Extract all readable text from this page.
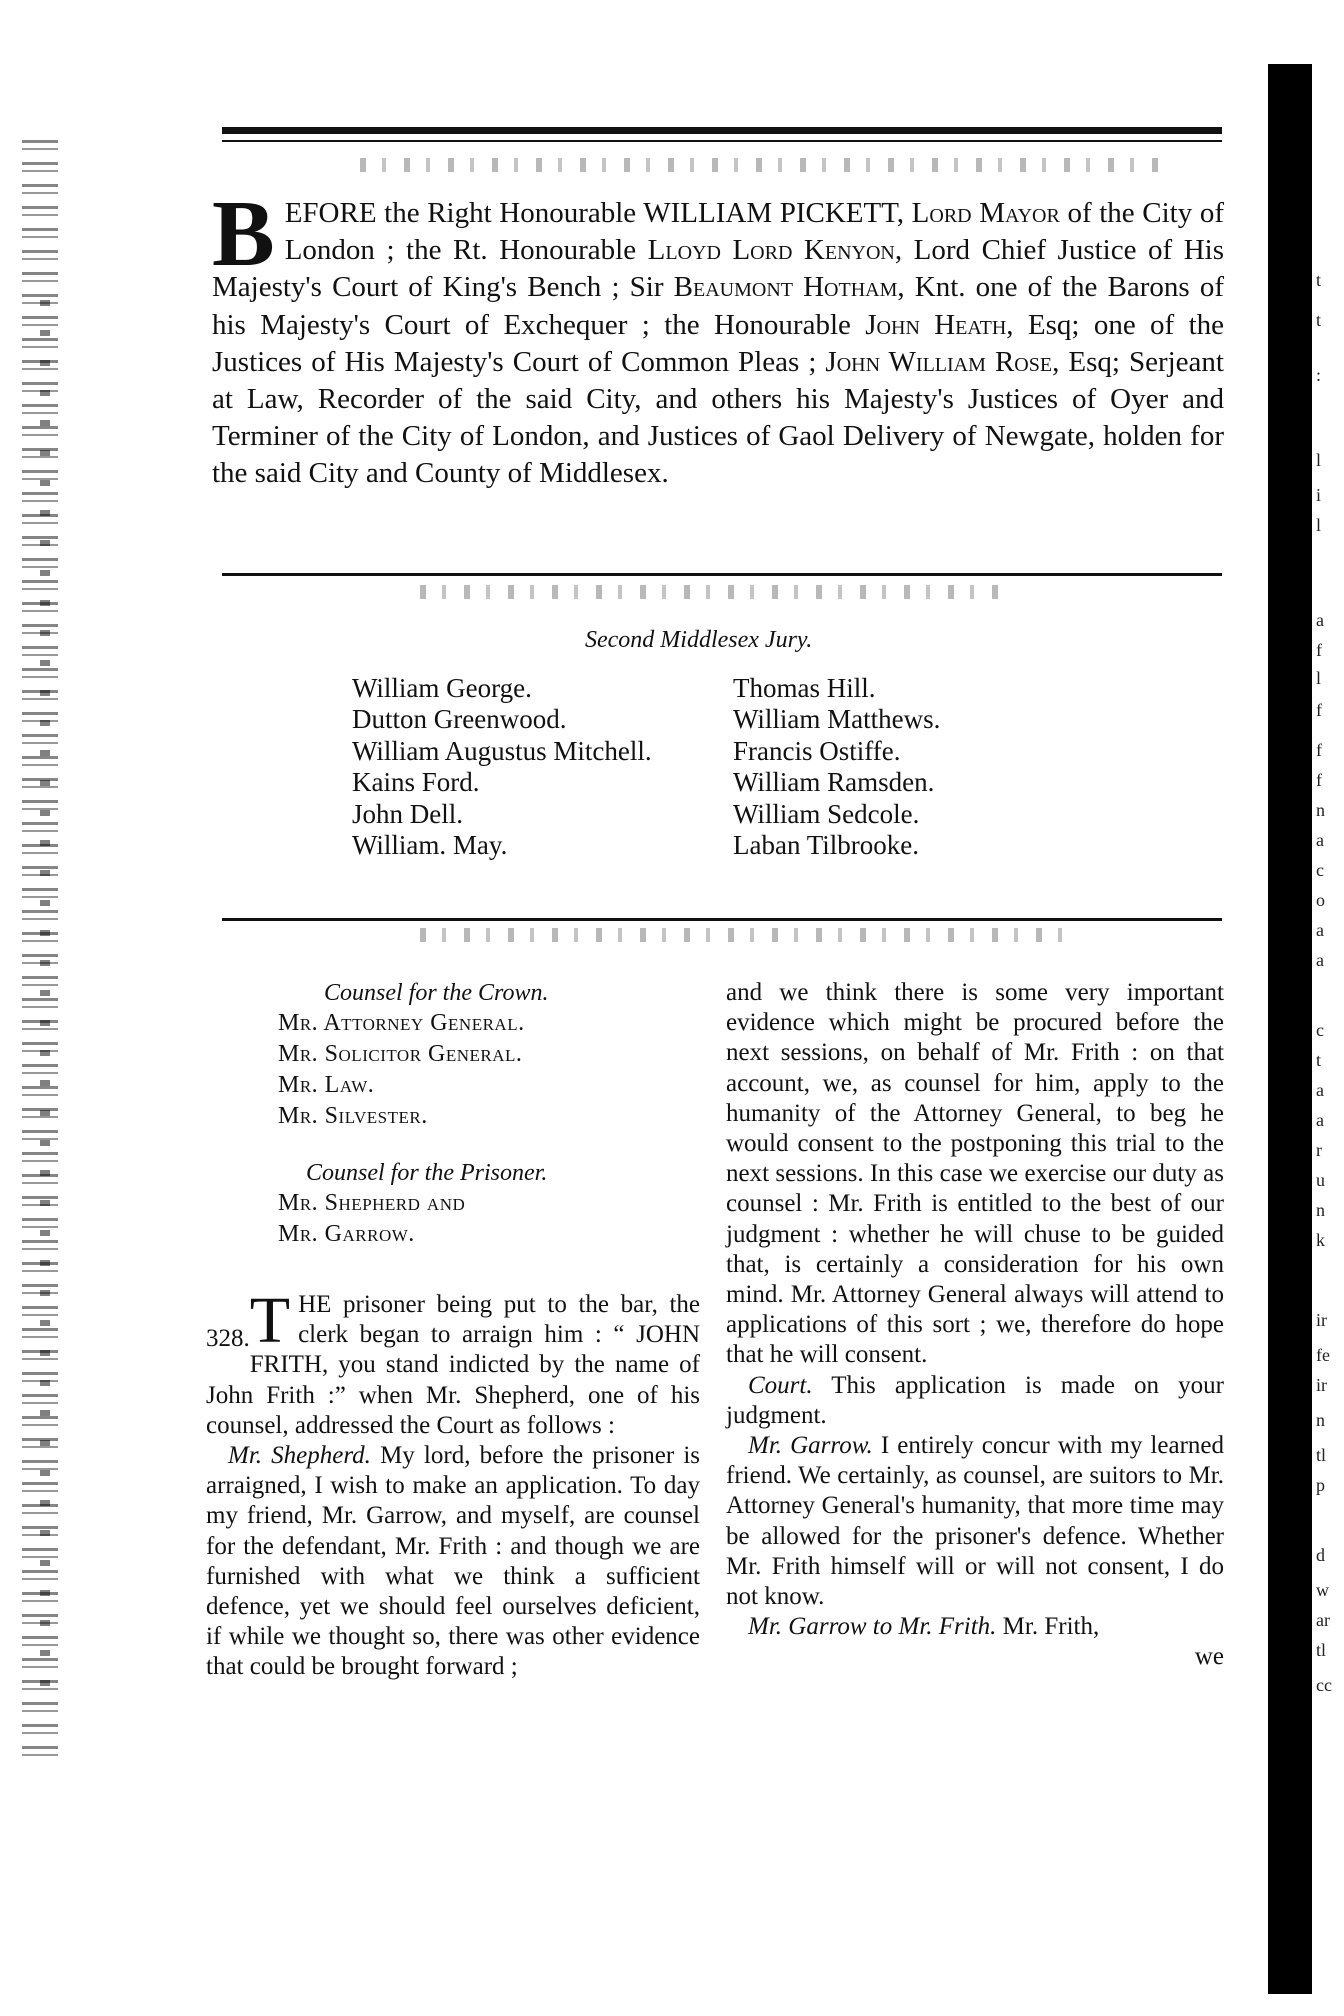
t
t
:
l
i
l
a
f
l
f
f
f
n
a
c
o
a
a
c
t
a
a
r
u
n
k
ir
fe
ir
n
tl
p
d
w
ar
tl
cc

BEFORE the Right Honourable WILLIAM PICKETT, Lord Mayor of the City of London ; the Rt. Honourable Lloyd Lord Kenyon, Lord Chief Justice of His Majesty's Court of King's Bench ; Sir Beaumont Hotham, Knt. one of the Barons of his Majesty's Court of Exchequer ; the Honourable John Heath, Esq; one of the Justices of His Majesty's Court of Common Pleas ; John William Rose, Esq; Serjeant at Law, Recorder of the said City, and others his Majesty's Justices of Oyer and Terminer of the City of London, and Justices of Gaol Delivery of Newgate, holden for the said City and County of Middlesex.

Second Middlesex Jury.

William George.
Dutton Greenwood.
William Augustus Mitchell.
Kains Ford.
John Dell.
William. May.
Thomas Hill.
William Matthews.
Francis Ostiffe.
William Ramsden.
William Sedcole.
Laban Tilbrooke.

Counsel for the Crown.

Mr. Attorney General.
Mr. Solicitor General.
Mr. Law.
Mr. Silvester.

Counsel for the Prisoner.

Mr. Shepherd and
Mr. Garrow.

328. T HE prisoner being put to the bar, the clerk began to arraign him : “ JOHN FRITH, you stand indicted by the name of John Frith :” when Mr. Shepherd, one of his counsel, addressed the Court as follows :

Mr. Shepherd. My lord, before the prisoner is arraigned, I wish to make an application. To day my friend, Mr. Garrow, and myself, are counsel for the defendant, Mr. Frith : and though we are furnished with what we think a sufficient defence, yet we should feel ourselves deficient, if while we thought so, there was other evidence that could be brought forward ;

and we think there is some very important evidence which might be procured before the next sessions, on behalf of Mr. Frith : on that account, we, as counsel for him, apply to the humanity of the Attorney General, to beg he would consent to the postponing this trial to the next sessions. In this case we exercise our duty as counsel : Mr. Frith is entitled to the best of our judgment : whether he will chuse to be guided that, is certainly a consideration for his own mind. Mr. Attorney General always will attend to applications of this sort ; we, therefore do hope that he will consent.

Court. This application is made on your judgment.

Mr. Garrow. I entirely concur with my learned friend. We certainly, as counsel, are suitors to Mr. Attorney General's humanity, that more time may be allowed for the prisoner's defence. Whether Mr. Frith himself will or will not consent, I do not know.

Mr. Garrow to Mr. Frith. Mr. Frith,

we
